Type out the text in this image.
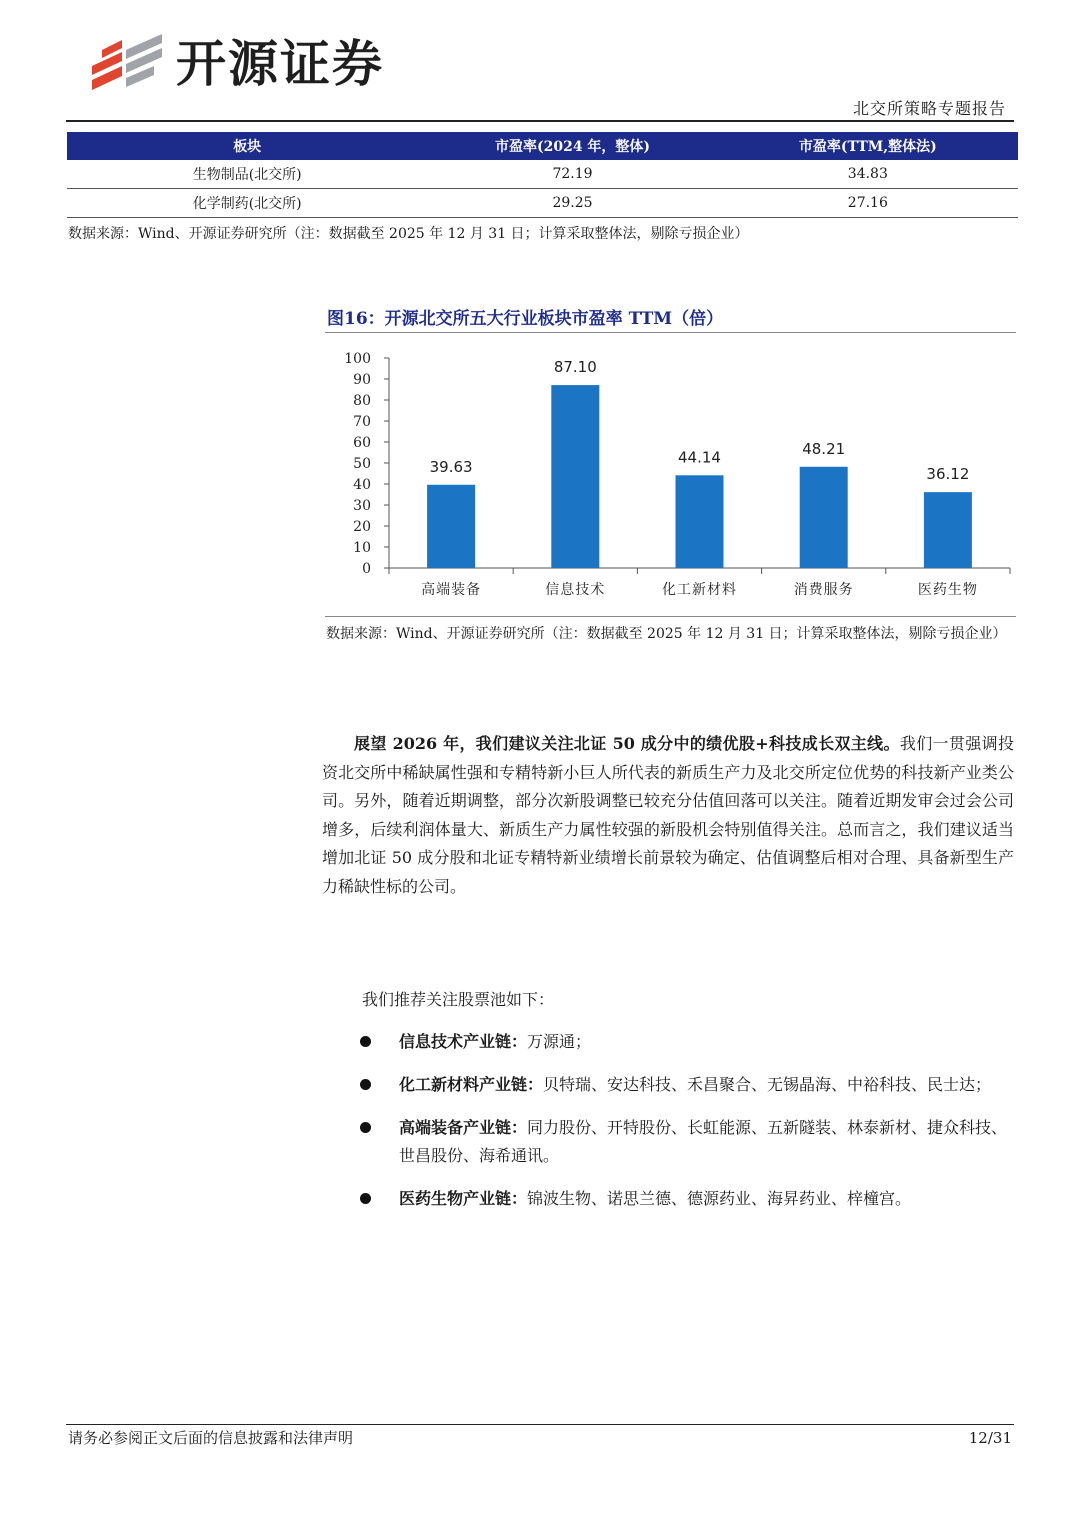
开源证券
北交所策略专题报告
板块	市盈率(2024 年，整体)	市盈率(TTM,整体法)
生物制品(北交所)	72.19	34.83
化学制药(北交所)	29.25	27.16
数据来源：Wind、开源证券研究所（注：数据截至 2025 年 12 月 31 日；计算采取整体法，剔除亏损企业）
图16：开源北交所五大行业板块市盈率 TTM（倍）
0
10
20
30
40
50
60
70
80
90
100
39.63
高端装备
87.10
信息技术
44.14
化工新材料
48.21
消费服务
36.12
医药生物
数据来源：Wind、开源证券研究所（注：数据截至 2025 年 12 月 31 日；计算采取整体法，剔除亏损企业）
展望 2026 年，我们建议关注北证 50 成分中的绩优股+科技成长双主线。我们一贯强调投资北交所中稀缺属性强和专精特新小巨人所代表的新质生产力及北交所定位优势的科技新产业类公司。另外，随着近期调整，部分次新股调整已较充分估值回落可以关注。随着近期发审会过会公司增多，后续利润体量大、新质生产力属性较强的新股机会特别值得关注。总而言之，我们建议适当增加北证 50 成分股和北证专精特新业绩增长前景较为确定、估值调整后相对合理、具备新型生产力稀缺性标的公司。
我们推荐关注股票池如下：
信息技术产业链：万源通；
化工新材料产业链：贝特瑞、安达科技、禾昌聚合、无锡晶海、中裕科技、民士达；
高端装备产业链：同力股份、开特股份、长虹能源、五新隧装、林泰新材、捷众科技、世昌股份、海希通讯。
医药生物产业链：锦波生物、诺思兰德、德源药业、海昇药业、梓橦宫。
请务必参阅正文后面的信息披露和法律声明	12/31
